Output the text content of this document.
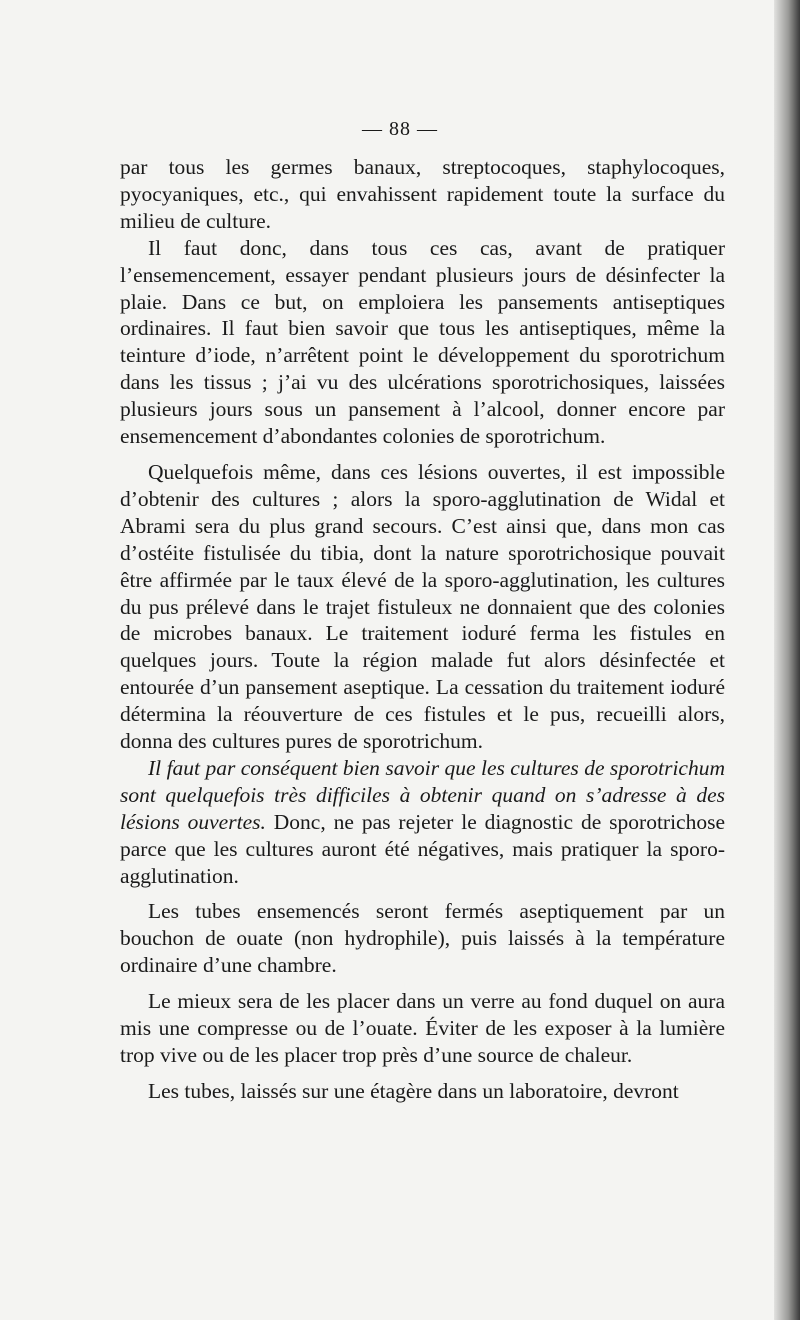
— 88 —

par tous les germes banaux, streptocoques, staphylocoques, pyocyaniques, etc., qui envahissent rapidement toute la surface du milieu de culture.

Il faut donc, dans tous ces cas, avant de pratiquer l’ensemencement, essayer pendant plusieurs jours de désinfecter la plaie. Dans ce but, on emploiera les pansements antiseptiques ordinaires. Il faut bien savoir que tous les antiseptiques, même la teinture d’iode, n’arrêtent point le développement du sporotrichum dans les tissus ; j’ai vu des ulcérations sporotrichosiques, laissées plusieurs jours sous un pansement à l’alcool, donner encore par ensemencement d’abondantes colonies de sporotrichum.

Quelquefois même, dans ces lésions ouvertes, il est impossible d’obtenir des cultures ; alors la sporo-agglutination de Widal et Abrami sera du plus grand secours. C’est ainsi que, dans mon cas d’ostéite fistulisée du tibia, dont la nature sporotrichosique pouvait être affirmée par le taux élevé de la sporo-agglutination, les cultures du pus prélevé dans le trajet fistuleux ne donnaient que des colonies de microbes banaux. Le traitement ioduré ferma les fistules en quelques jours. Toute la région malade fut alors désinfectée et entourée d’un pansement aseptique. La cessation du traitement ioduré détermina la réouverture de ces fistules et le pus, recueilli alors, donna des cultures pures de sporotrichum.

Il faut par conséquent bien savoir que les cultures de sporotrichum sont quelquefois très difficiles à obtenir quand on s’adresse à des lésions ouvertes. Donc, ne pas rejeter le diagnostic de sporotrichose parce que les cultures auront été négatives, mais pratiquer la sporo-agglutination.

Les tubes ensemencés seront fermés aseptiquement par un bouchon de ouate (non hydrophile), puis laissés à la température ordinaire d’une chambre.

Le mieux sera de les placer dans un verre au fond duquel on aura mis une compresse ou de l’ouate. Éviter de les exposer à la lumière trop vive ou de les placer trop près d’une source de chaleur.

Les tubes, laissés sur une étagère dans un laboratoire, devront
